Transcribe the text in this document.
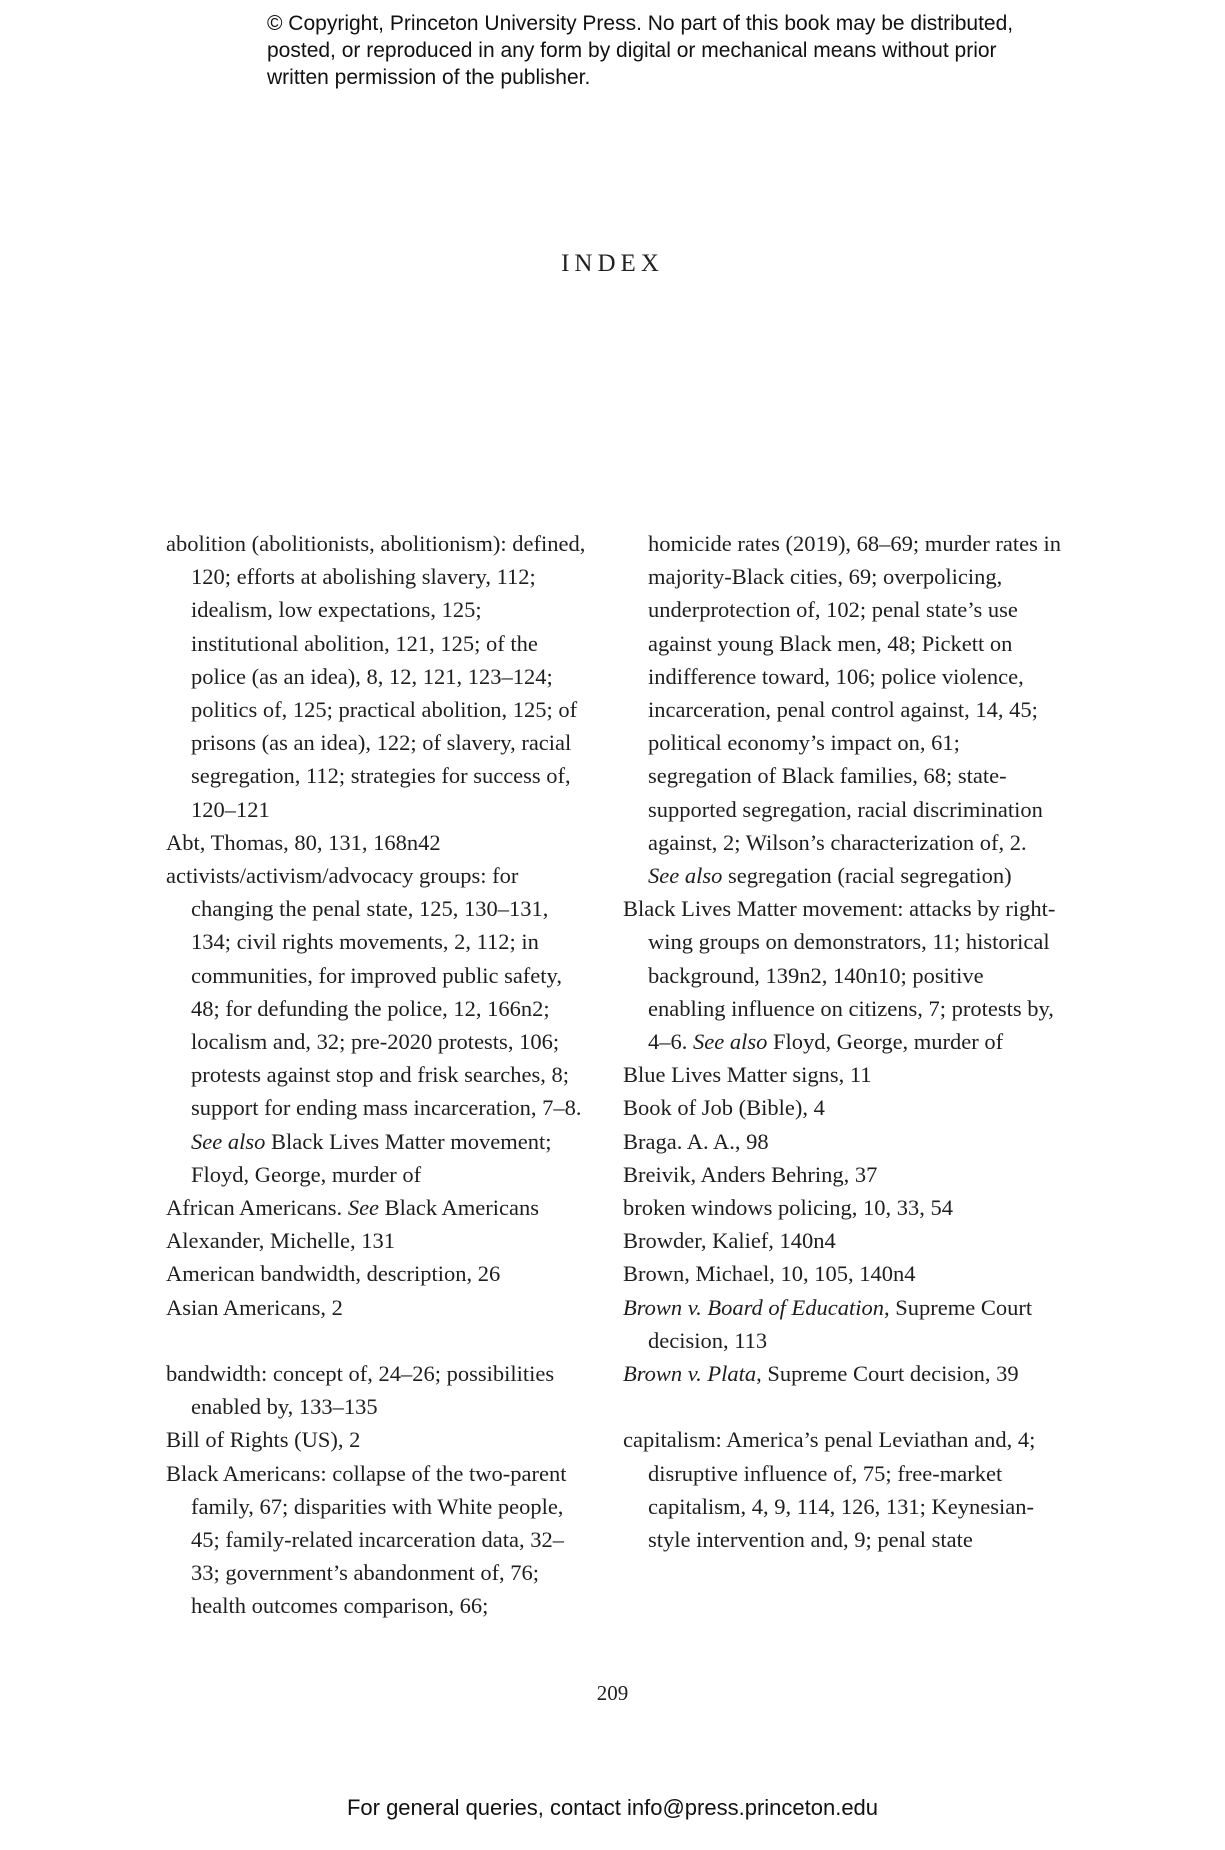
© Copyright, Princeton University Press. No part of this book may be distributed, posted, or reproduced in any form by digital or mechanical means without prior written permission of the publisher.
INDEX

abolition (abolitionists, abolitionism): defined, 120; efforts at abolishing slavery, 112; idealism, low expectations, 125; institutional abolition, 121, 125; of the police (as an idea), 8, 12, 121, 123–124; politics of, 125; practical abolition, 125; of prisons (as an idea), 122; of slavery, racial segregation, 112; strategies for success of, 120–121

Abt, Thomas, 80, 131, 168n42

activists/activism/advocacy groups: for changing the penal state, 125, 130–131, 134; civil rights movements, 2, 112; in communities, for improved public safety, 48; for defunding the police, 12, 166n2; localism and, 32; pre-2020 protests, 106; protests against stop and frisk searches, 8; support for ending mass incarceration, 7–8. See also Black Lives Matter movement; Floyd, George, murder of

African Americans. See Black Americans

Alexander, Michelle, 131

American bandwidth, description, 26

Asian Americans, 2

bandwidth: concept of, 24–26; possibilities enabled by, 133–135

Bill of Rights (US), 2

Black Americans: collapse of the two-parent family, 67; disparities with White people, 45; family-related incarceration data, 32–33; government’s abandonment of, 76; health outcomes comparison, 66;

homicide rates (2019), 68–69; murder rates in majority-Black cities, 69; overpolicing, underprotection of, 102; penal state’s use against young Black men, 48; Pickett on indifference toward, 106; police violence, incarceration, penal control against, 14, 45; political economy’s impact on, 61; segregation of Black families, 68; state-supported segregation, racial discrimination against, 2; Wilson’s characterization of, 2. See also segregation (racial segregation)

Black Lives Matter movement: attacks by right-wing groups on demonstrators, 11; historical background, 139n2, 140n10; positive enabling influence on citizens, 7; protests by, 4–6. See also Floyd, George, murder of

Blue Lives Matter signs, 11

Book of Job (Bible), 4

Braga. A. A., 98

Breivik, Anders Behring, 37

broken windows policing, 10, 33, 54

Browder, Kalief, 140n4

Brown, Michael, 10, 105, 140n4

Brown v. Board of Education, Supreme Court decision, 113

Brown v. Plata, Supreme Court decision, 39

capitalism: America’s penal Leviathan and, 4; disruptive influence of, 75; free-market capitalism, 4, 9, 114, 126, 131; Keynesian-style intervention and, 9; penal state

209
For general queries, contact info@press.princeton.edu
